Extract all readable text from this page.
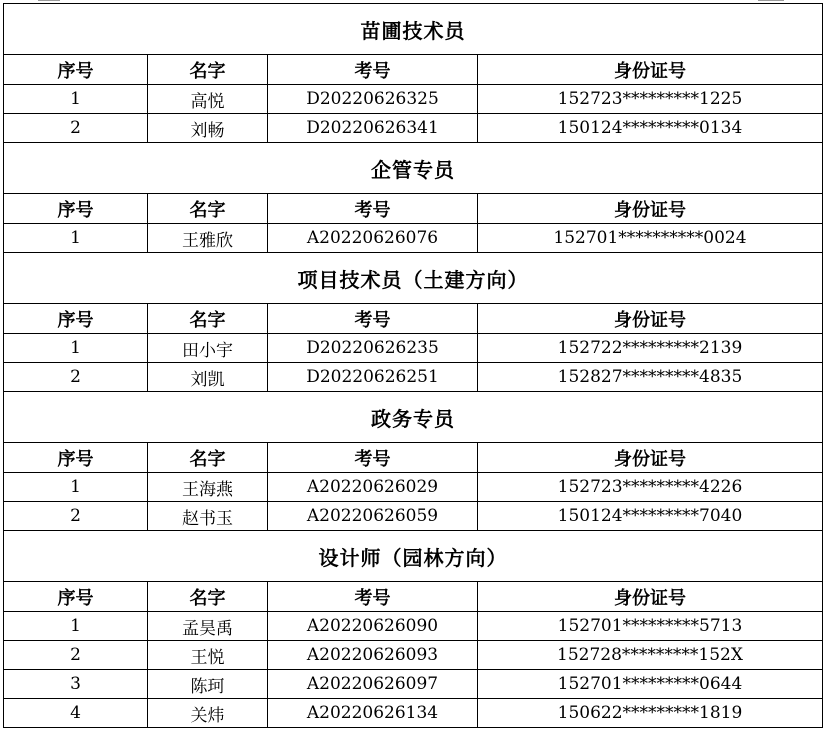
苗圃技术员			
序号	名字	考号	身份证号
1	高悦	D20220626325	152723*********1225
2	刘畅	D20220626341	150124*********0134
企管专员			
序号	名字	考号	身份证号
1	王雅欣	A20220626076	152701**********0024
项目技术员（土建方向）			
序号	名字	考号	身份证号
1	田小宇	D20220626235	152722*********2139
2	刘凯	D20220626251	152827*********4835
政务专员			
序号	名字	考号	身份证号
1	王海燕	A20220626029	152723*********4226
2	赵书玉	A20220626059	150124*********7040
设计师（园林方向）			
序号	名字	考号	身份证号
1	孟昊禹	A20220626090	152701*********5713
2	王悦	A20220626093	152728*********152X
3	陈珂	A20220626097	152701*********0644
4	关炜	A20220626134	150622*********1819
